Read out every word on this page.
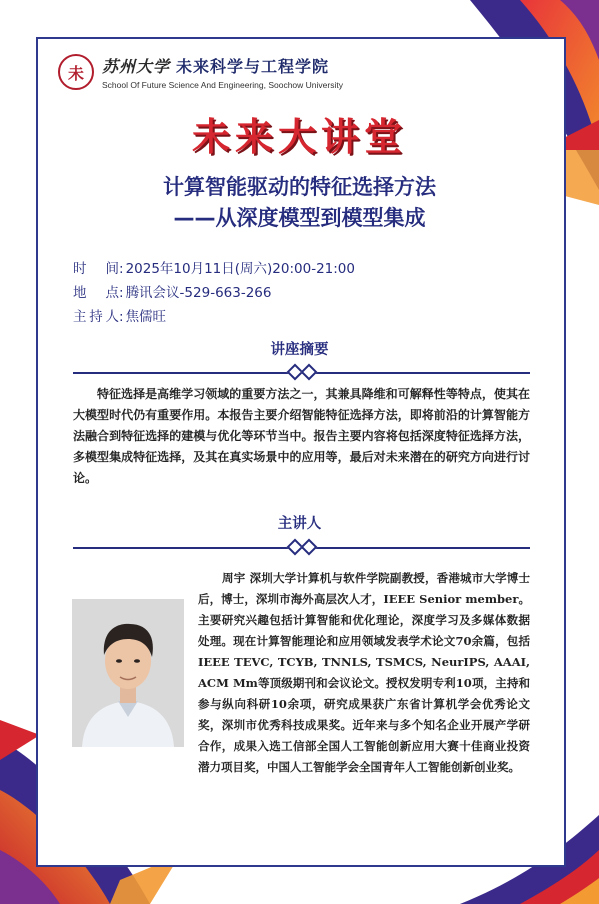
未	苏州大学 未来科学与工程学院
School Of Future Science And Engineering, Soochow University
未来大讲堂
计算智能驱动的特征选择方法
——从深度模型到模型集成
时　间 : 2025年10月11日(周六)20:00-21:00
地　点 : 腾讯会议-529-663-266
主持人 : 焦儒旺
讲座摘要
特征选择是高维学习领域的重要方法之一，其兼具降维和可解释性等特点，使其在大模型时代仍有重要作用。本报告主要介绍智能特征选择方法，即将前沿的计算智能方法融合到特征选择的建模与优化等环节当中。报告主要内容将包括深度特征选择方法，多模型集成特征选择，及其在真实场景中的应用等，最后对未来潜在的研究方向进行讨论。
主讲人
周宇 深圳大学计算机与软件学院副教授，香港城市大学博士后，博士，深圳市海外高层次人才，IEEE Senior member。主要研究兴趣包括计算智能和优化理论，深度学习及多媒体数据处理。现在计算智能理论和应用领域发表学术论文70余篇，包括IEEE TEVC, TCYB, TNNLS, TSMCS, NeurIPS, AAAI, ACM Mm等顶级期刊和会议论文。授权发明专利10项，主持和参与纵向科研10余项，研究成果获广东省计算机学会优秀论文奖，深圳市优秀科技成果奖。近年来与多个知名企业开展产学研合作，成果入选工信部全国人工智能创新应用大赛十佳商业投资潜力项目奖，中国人工智能学会全国青年人工智能创新创业奖。
